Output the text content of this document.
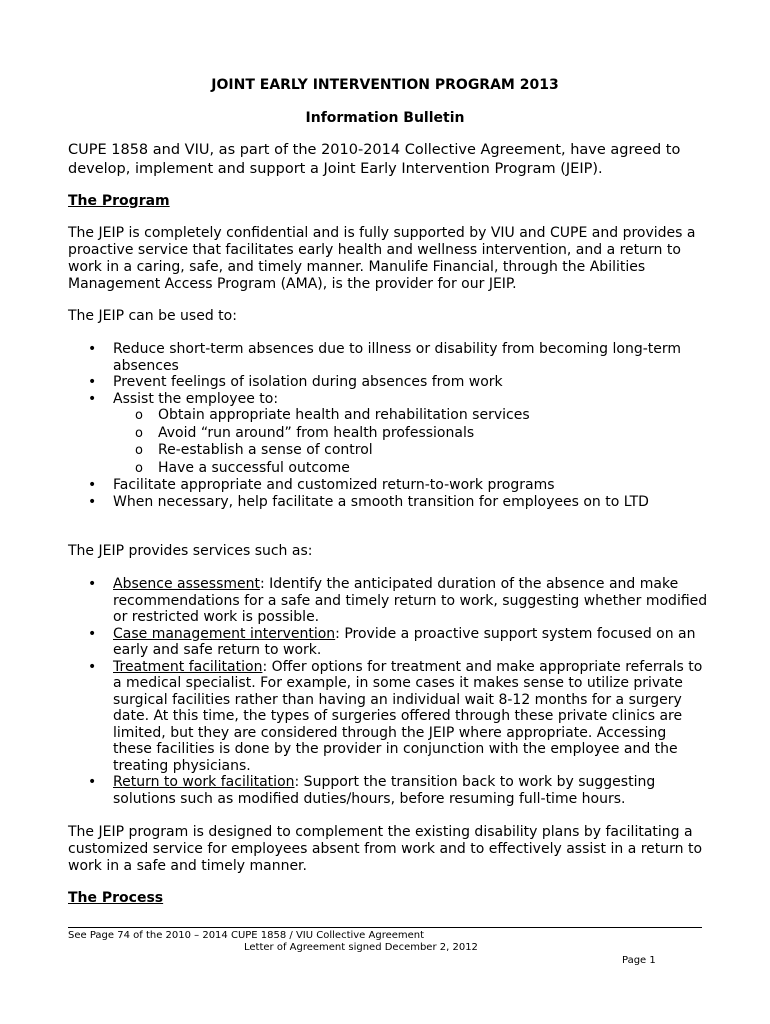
JOINT EARLY INTERVENTION PROGRAM 2013
Information Bulletin
CUPE 1858 and VIU, as part of the 2010-2014 Collective Agreement, have agreed to develop, implement and support a Joint Early Intervention Program (JEIP).
The Program
The JEIP is completely confidential and is fully supported by VIU and CUPE and provides a proactive service that facilitates early health and wellness intervention, and a return to work in a caring, safe, and timely manner. Manulife Financial, through the Abilities Management Access Program (AMA), is the provider for our JEIP.
The JEIP can be used to:
• Reduce short-term absences due to illness or disability from becoming long-term absences
• Prevent feelings of isolation during absences from work
• Assist the employee to:
o Obtain appropriate health and rehabilitation services
o Avoid “run around” from health professionals
o Re-establish a sense of control
o Have a successful outcome
• Facilitate appropriate and customized return-to-work programs
• When necessary, help facilitate a smooth transition for employees on to LTD
The JEIP provides services such as:
• Absence assessment: Identify the anticipated duration of the absence and make recommendations for a safe and timely return to work, suggesting whether modified or restricted work is possible.
• Case management intervention: Provide a proactive support system focused on an early and safe return to work.
• Treatment facilitation: Offer options for treatment and make appropriate referrals to a medical specialist. For example, in some cases it makes sense to utilize private surgical facilities rather than having an individual wait 8-12 months for a surgery date. At this time, the types of surgeries offered through these private clinics are limited, but they are considered through the JEIP where appropriate. Accessing these facilities is done by the provider in conjunction with the employee and the treating physicians.
• Return to work facilitation: Support the transition back to work by suggesting solutions such as modified duties/hours, before resuming full-time hours.
The JEIP program is designed to complement the existing disability plans by facilitating a customized service for employees absent from work and to effectively assist in a return to work in a safe and timely manner.
The Process
See Page 74 of the 2010 – 2014 CUPE 1858 / VIU Collective Agreement
Letter of Agreement signed December 2, 2012
Page 1
